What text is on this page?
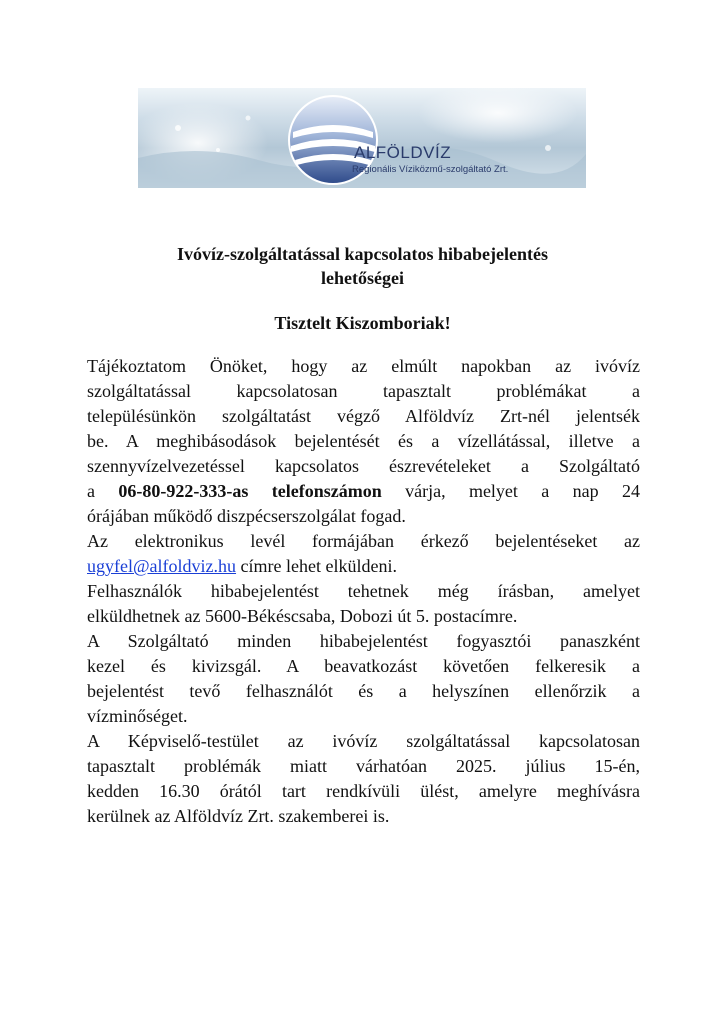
ALFÖLDVÍZ
Regionális Víziközmű-szolgáltató Zrt.
Ivóvíz-szolgáltatással kapcsolatos hibabejelentés
lehetőségei
Tisztelt Kiszomboriak!
Tájékoztatom Önöket, hogy az elmúlt napokban az ivóvíz
szolgáltatással kapcsolatosan tapasztalt problémákat a
településünkön szolgáltatást végző Alföldvíz Zrt-nél jelentsék
be. A meghibásodások bejelentését és a vízellátással, illetve a
szennyvízelvezetéssel kapcsolatos észrevételeket a Szolgáltató
a 06-80-922-333-as telefonszámon várja, melyet a nap 24
órájában működő diszpécserszolgálat fogad.
Az elektronikus levél formájában érkező bejelentéseket az
ugyfel@alfoldviz.hu címre lehet elküldeni.
Felhasználók hibabejelentést tehetnek még írásban, amelyet
elküldhetnek az 5600-Békéscsaba, Dobozi út 5. postacímre.
A Szolgáltató minden hibabejelentést fogyasztói panaszként
kezel és kivizsgál. A beavatkozást követően felkeresik a
bejelentést tevő felhasználót és a helyszínen ellenőrzik a
vízminőséget.
A Képviselő-testület az ivóvíz szolgáltatással kapcsolatosan
tapasztalt problémák miatt várhatóan 2025. július 15-én,
kedden 16.30 órától tart rendkívüli ülést, amelyre meghívásra
kerülnek az Alföldvíz Zrt. szakemberei is.
